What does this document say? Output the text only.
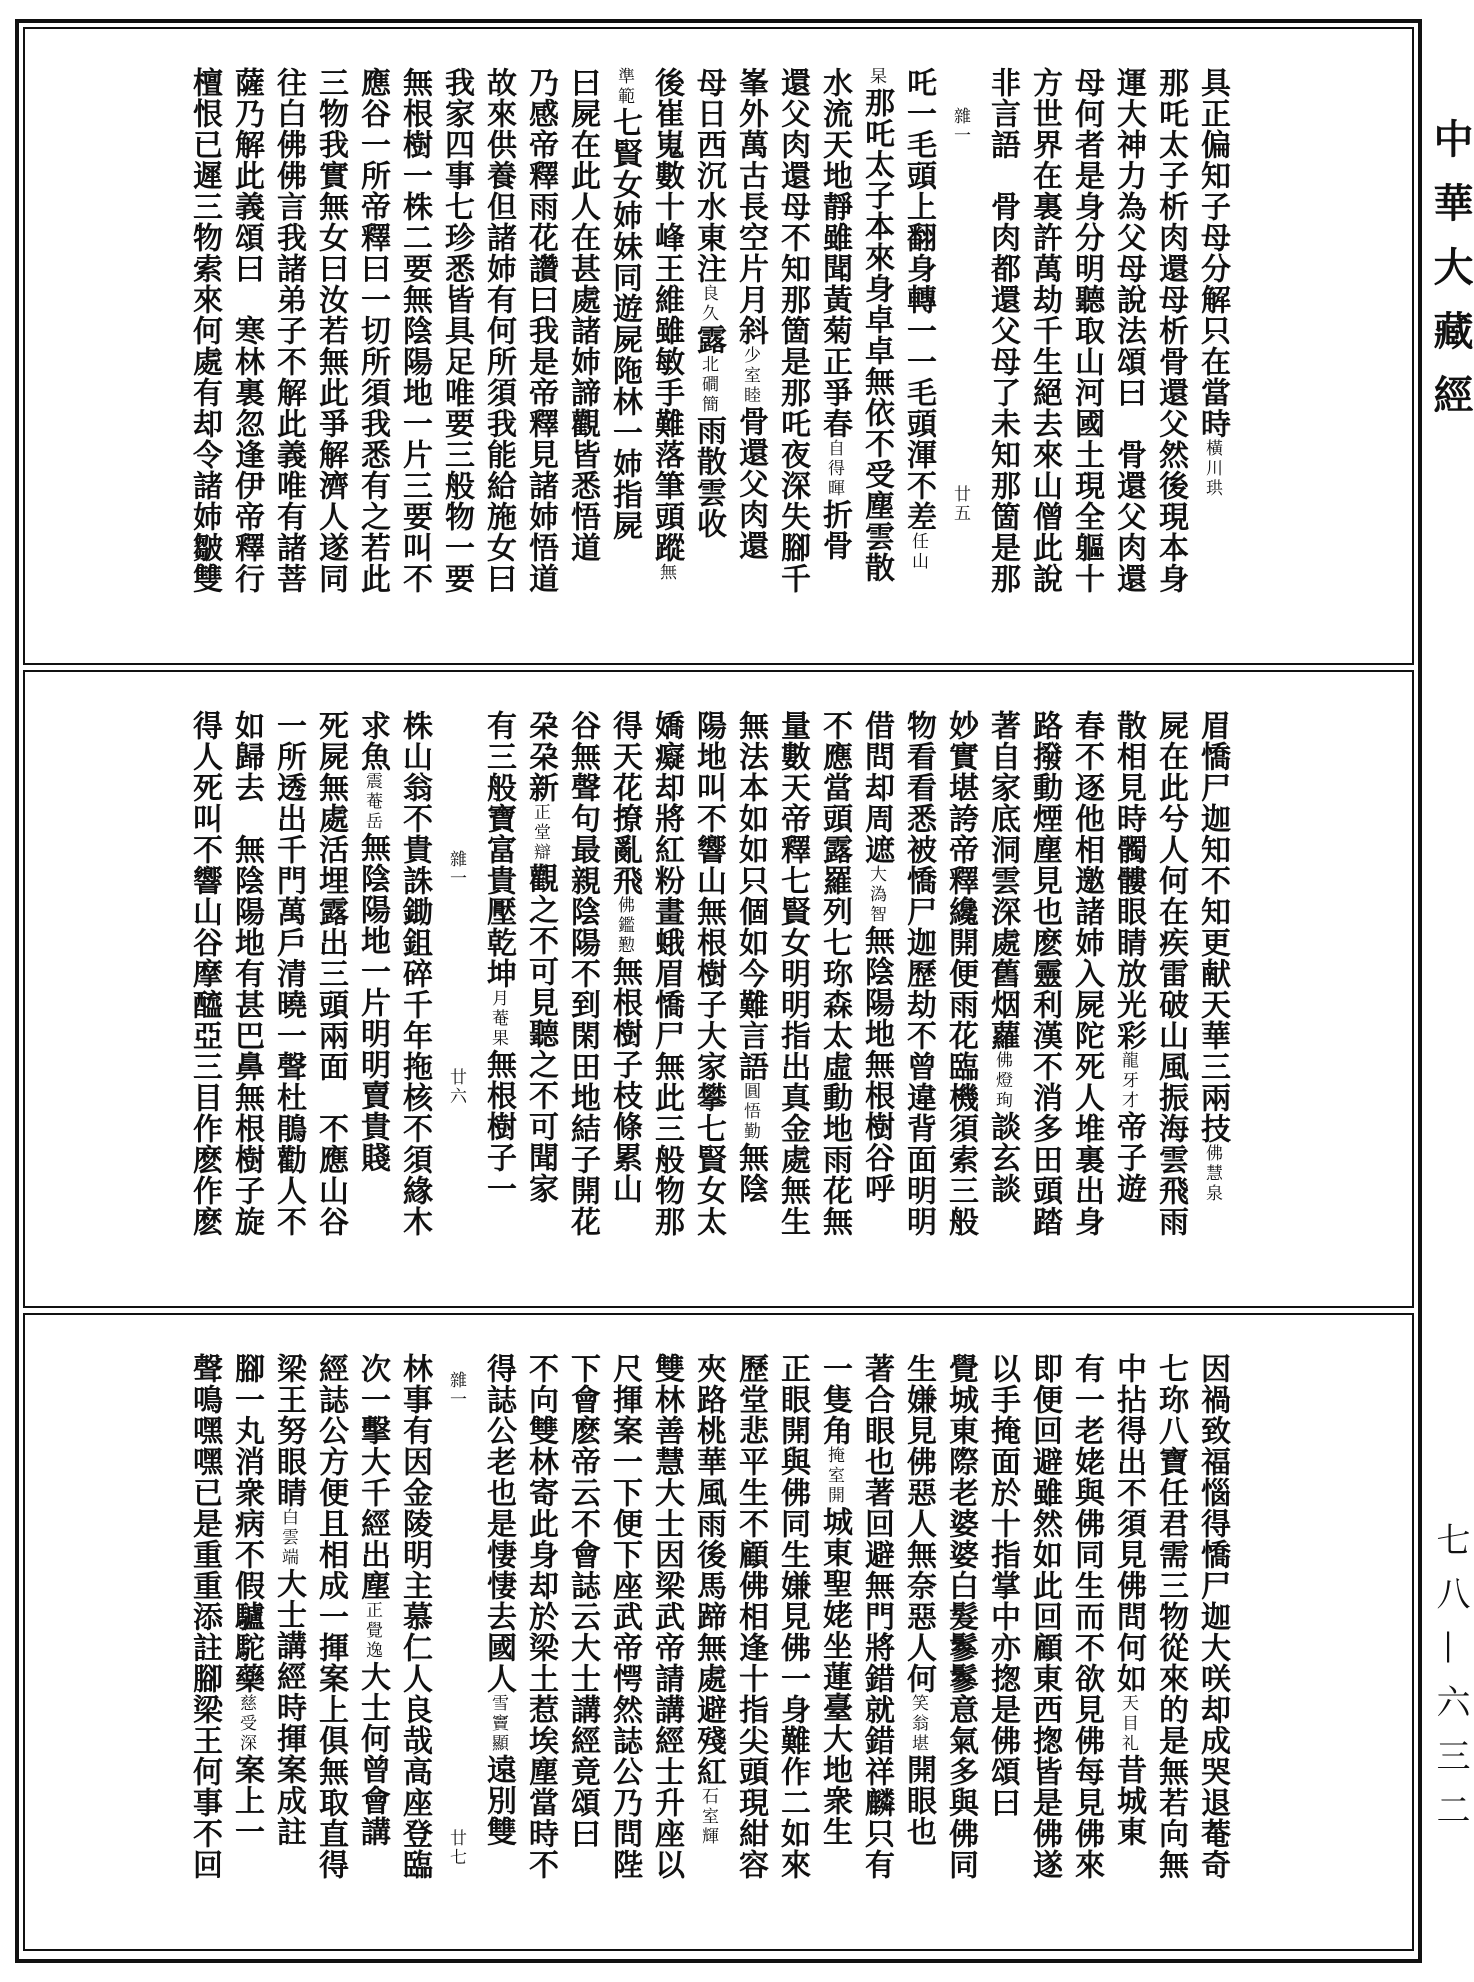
具正偏知子母分解只在當時橫川珙
那吒太子析肉還母析骨還父然後現本身
運大神力為父母說法頌曰　骨還父肉還
母何者是身分明聽取山河國土現全軀十
方世界在裏許萬劫千生絕去來山僧此說
非言語　骨肉都還父母了未知那箇是那
雜一廿五
吒一毛頭上翻身轉一一毛頭渾不差任山
杲那吒太子本來身卓卓無依不受塵雲散
水流天地靜雖聞黃菊正爭春自得暉折骨
還父肉還母不知那箇是那吒夜深失腳千
峯外萬古長空片月斜少室睦骨還父肉還
母日西沉水東注良久露北磵簡雨散雲收
後崔嵬數十峰王維雖敏手難落筆頭蹤無
準範七賢女姉妹同遊屍陁林一姉指屍
曰屍在此人在甚處諸姉諦觀皆悉悟道
乃感帝釋雨花讚曰我是帝釋見諸姉悟道
故來供養但諸姉有何所須我能給施女曰
我家四事七珍悉皆具足唯要三般物一要
無根樹一株二要無陰陽地一片三要叫不
應谷一所帝釋曰一切所須我悉有之若此
三物我實無女曰汝若無此爭解濟人遂同
往白佛佛言我諸弟子不解此義唯有諸菩
薩乃解此義頌曰　寒林裏忽逢伊帝釋行
檀恨已遲三物索來何處有却令諸姉皺雙
眉憍尸迦知不知更献天華三兩技佛慧泉
屍在此兮人何在疾雷破山風振海雲飛雨
散相見時髑髏眼睛放光彩龍牙才帝子遊
春不逐他相邀諸姉入屍陀死人堆裏出身
路撥動煙塵見也麽靈利漢不消多田頭踏
著自家底洞雲深處舊烟蘿佛燈珣談玄談
妙實堪誇帝釋纔開便雨花臨機須索三般
物看看悉被憍尸迦歷劫不曾違背面明明
借問却周遮大溈智無陰陽地無根樹谷呼
不應當頭露羅列七珎森太虛動地雨花無
量數天帝釋七賢女明明指出真金處無生
無法本如如只個如今難言語圓悟勤無陰
陽地叫不響山無根樹子大家攀七賢女太
嬌癡却將紅粉畫蛾眉憍尸無此三般物那
得天花撩亂飛佛鑑懃無根樹子枝條累山
谷無聲句最親陰陽不到閑田地結子開花
朶朶新正堂辯觀之不可見聽之不可聞家
有三般寶富貴壓乾坤月菴果無根樹子一
雜一廿六
株山翁不貴誅鋤鉏碎千年拖核不須緣木
求魚震菴岳無陰陽地一片明明賣貴賤
死屍無處活埋露出三頭兩面　不應山谷
一所透出千門萬戶清曉一聲杜鵑勸人不
如歸去　無陰陽地有甚巴鼻無根樹子旋
得人死叫不響山谷摩醯亞三目作麽作麽
因禍致福惱得憍尸迦大咲却成哭退菴奇
七珎八寶任君需三物從來的是無若向無
中拈得出不須見佛問何如天目礼昔城東
有一老姥與佛同生而不欲見佛每見佛來
即便回避雖然如此回顧東西揔皆是佛遂
以手掩面於十指掌中亦揔是佛頌曰
覺城東際老婆婆白髮鬖鬖意氣多與佛同
生嫌見佛惡人無奈惡人何笑翁堪開眼也
著合眼也著回避無門將錯就錯祥麟只有
一隻角掩室開城東聖姥坐蓮臺大地衆生
正眼開與佛同生嫌見佛一身難作二如來
歷堂悲平生不顧佛相逢十指尖頭現紺容
夾路桃華風雨後馬蹄無處避殘紅石室輝
雙林善慧大士因梁武帝請講經士升座以
尺揮案一下便下座武帝愕然誌公乃問陛
下會麽帝云不會誌云大士講經竟頌曰
不向雙林寄此身却於梁土惹埃塵當時不
得誌公老也是悽悽去國人雪竇顯遠別雙
雜一廿七
林事有因金陵明主慕仁人良哉高座登臨
次一擊大千經出塵正覺逸大士何曾會講
經誌公方便且相成一揮案上俱無取直得
梁王努眼睛白雲端大士講經時揮案成註
腳一丸消衆病不假驢駝藥慈受深案上一
聲鳴嘿嘿已是重重添註腳梁王何事不回
中華大藏經
七八—六三二
